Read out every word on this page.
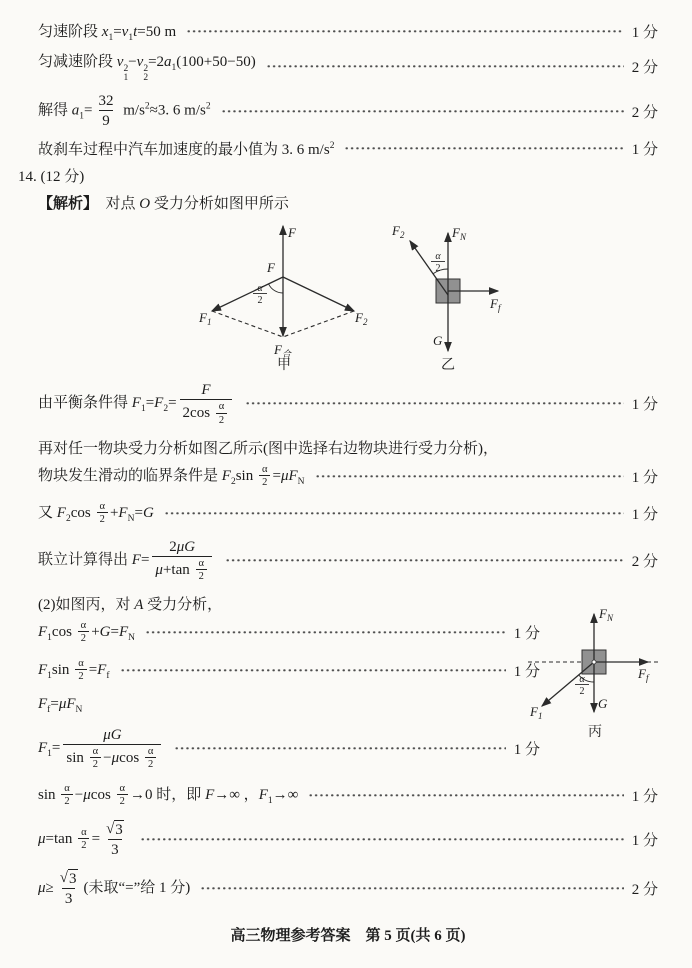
匀速阶段 $x_1=v_1t=50$ m	1 分
匀减速阶段 v 2
1
−v 2
2
$=2a_1(100+50-50)$	2 分
解得 $a_1= \frac{32}{9} m/s^2\approx 3$. 6 $m/s^2$	2 分
故刹车过程中汽车加速度的最小值为 3. 6 $m/s^2$	1 分
14. (12 分)
【解析】　对点 O 受力分析如图甲所示
α
2
F
F
$F_1$	$F_2$
$F_合$
甲
α
2
$F_N$
$F_2$
$F_f$
G
乙
由平衡条件得 $F_1=F_2= \frac{F}{2\cos \frac{\alpha}{2}}$	1 分
再对任一物块受力分析如图乙所示(图中选择右边物块进行受力分析)，
物块发生滑动的临界条件是 $F_2\sin \frac{\alpha}{2} =\mu F_N$	1 分
又 $F_2\cos \frac{\alpha}{2} +F_N=G$	1 分
联立计算得出 $F= \frac{2\mu G}{\mu+\tan \frac{\alpha}{2}}$	2 分
(2)如图丙，对 A 受力分析，
$F_1\cos \frac{\alpha}{2} +G=F_N$	1 分
$F_1\sin \frac{\alpha}{2} =F_f$	1 分
$F_f=\mu F_N$
$F_1= \frac{\mu G}{\sin \frac{\alpha}{2} -\mu\cos \frac{\alpha}{2}}$	1 分
α
2
$F_N$
$F_f$
G
$F_1$
丙
$\sin \frac{\alpha}{2} -\mu\cos \frac{\alpha}{2} \to 0$ 时，即 F→∞ ，$F_1\to\infty$	1 分
$\mu=\tan \frac{\alpha}{2} = \frac{√ 3}{3}$	1 分
$\mu\ge \frac{√ 3}{3}$ (未取“=”给 1 分)	2 分
高三物理参考答案　第 5 页(共 6 页)
